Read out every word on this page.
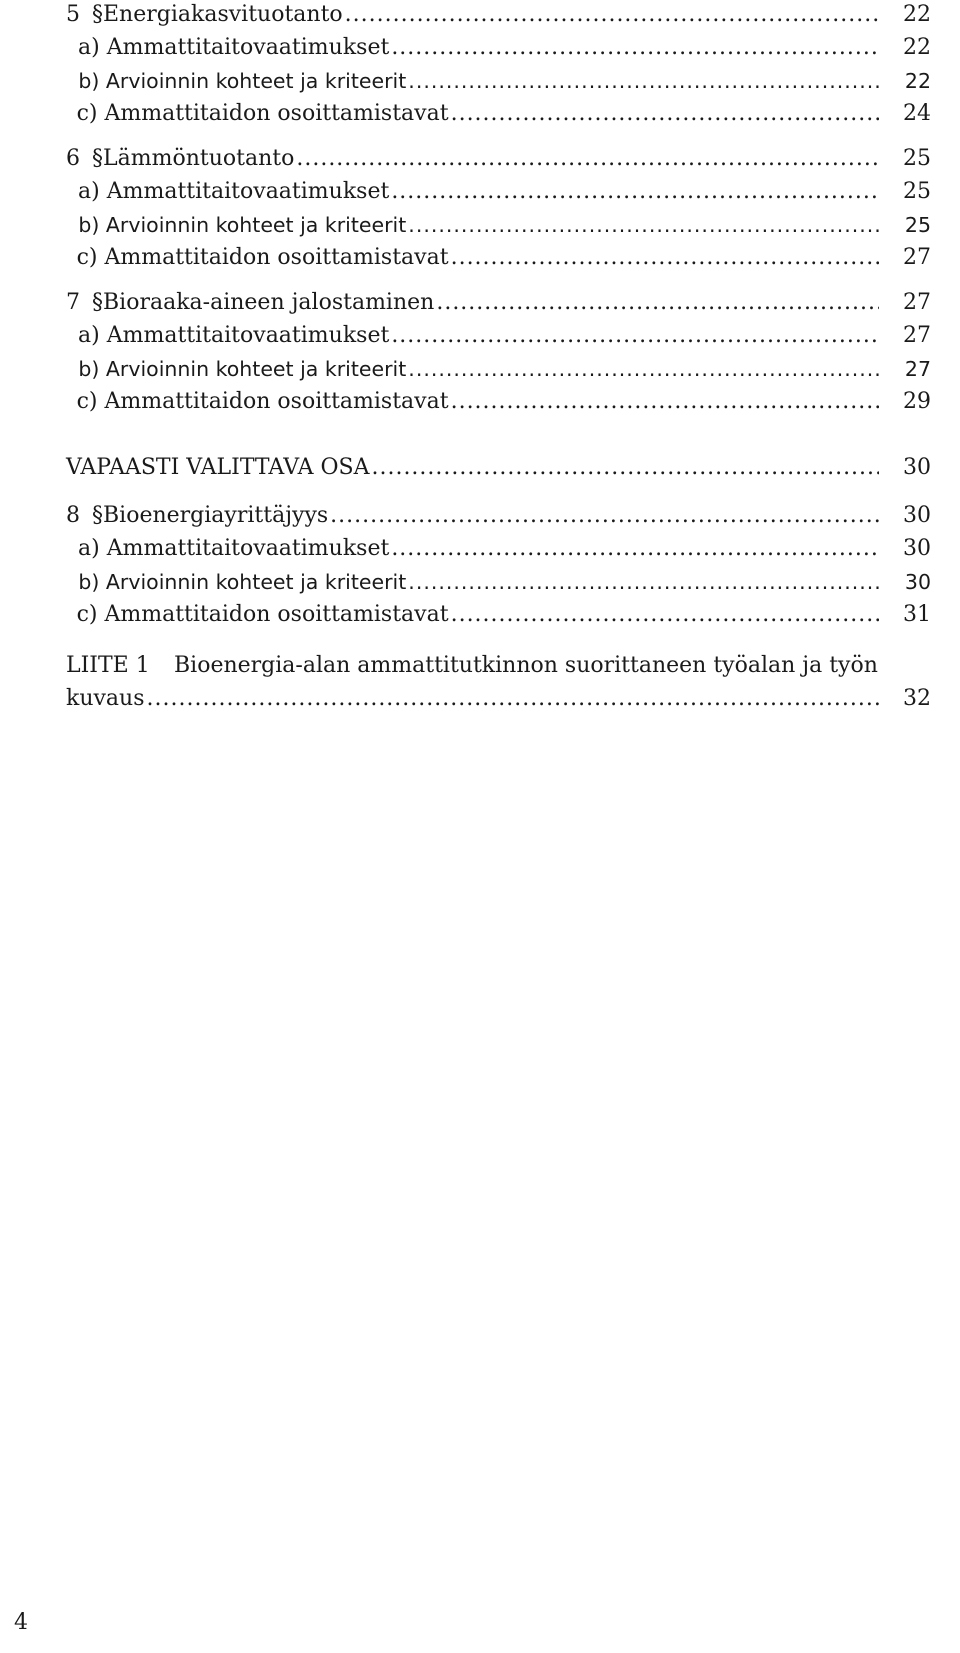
5 § Energiakasvituotanto .....	22
a) Ammattitaitovaatimukset .....	22
b) Arvioinnin kohteet ja kriteerit .....	22
c) Ammattitaidon osoittamistavat .....	24
6 § Lämmöntuotanto .....	25
a) Ammattitaitovaatimukset .....	25
b) Arvioinnin kohteet ja kriteerit .....	25
c) Ammattitaidon osoittamistavat .....	27
7 § Bioraaka-aineen jalostaminen .....	27
a) Ammattitaitovaatimukset .....	27
b) Arvioinnin kohteet ja kriteerit .....	27
c) Ammattitaidon osoittamistavat .....	29
VAPAASTI VALITTAVA OSA .....	30
8 § Bioenergiayrittäjyys .....	30
a) Ammattitaitovaatimukset .....	30
b) Arvioinnin kohteet ja kriteerit .....	30
c) Ammattitaidon osoittamistavat .....	31
LIITE 1 Bioenergia-alan ammattitutkinnon suorittaneen työalan ja työn
kuvaus .....	32
4
